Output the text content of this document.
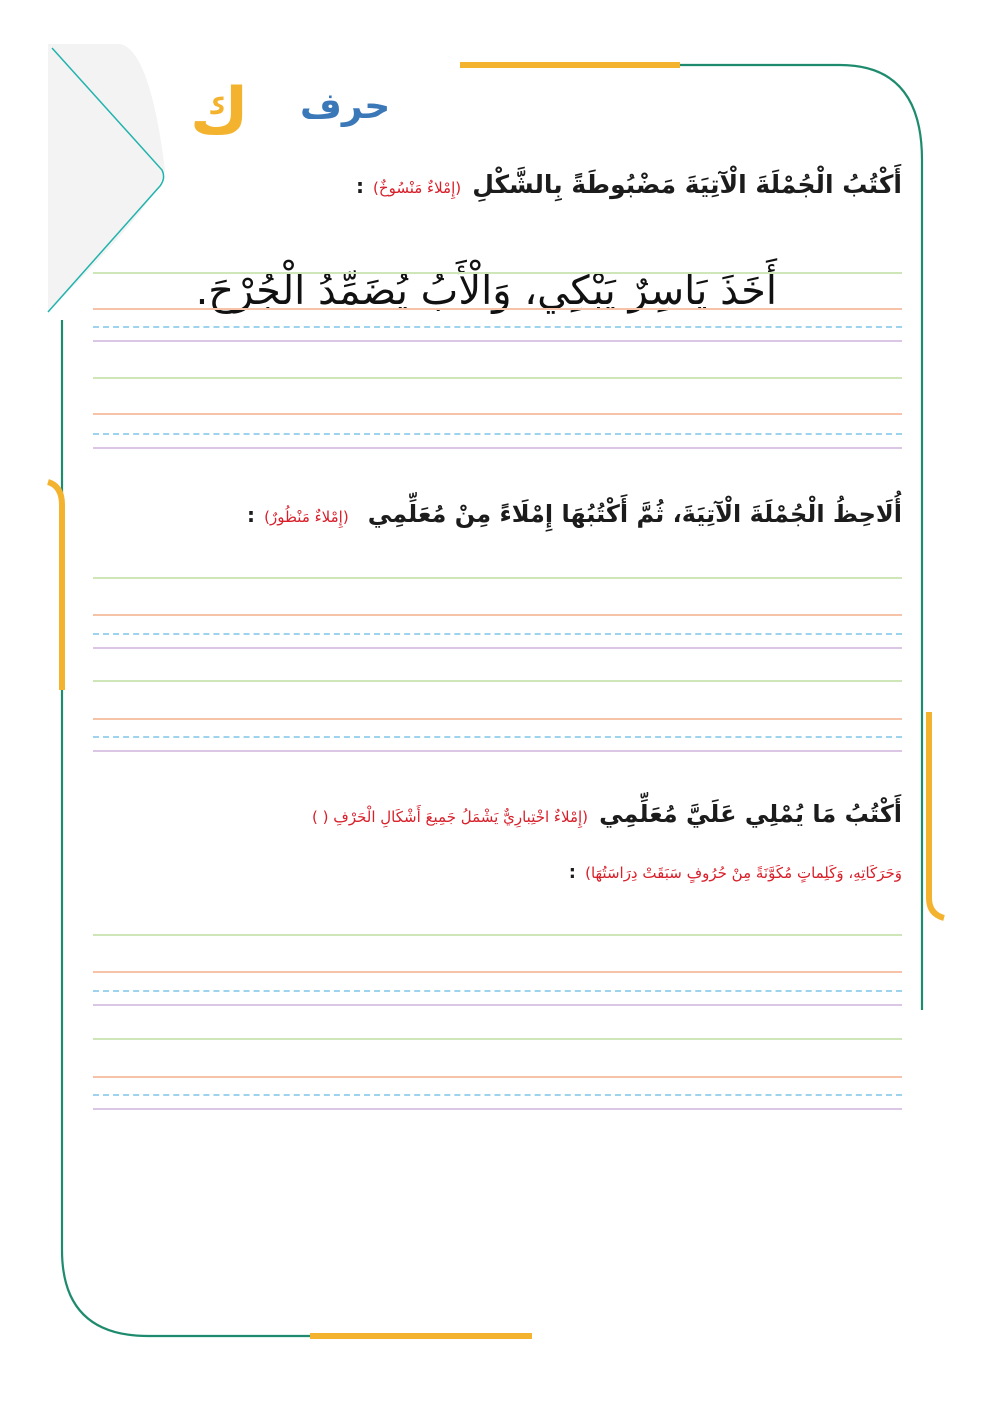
ك حرف
أَكْتُبُ الْجُمْلَةَ الْآتِيَةَ مَضْبُوطَةً بِالشَّكْلِ (إِمْلاءٌ مَنْسُوخٌ) :
أَخَذَ يَاسِرٌ يَبْكِي، وَالْأَبُ يُضَمِّدُ الْجُرْحَ.
أُلَاحِظُ الْجُمْلَةَ الْآتِيَةَ، ثُمَّ أَكْتُبُهَا إِمْلَاءً مِنْ مُعَلِّمِي (إِمْلاءٌ مَنْظُورٌ) :
أَكْتُبُ مَا يُمْلِي عَلَيَّ مُعَلِّمِي (إِمْلاءٌ اخْتِبارِيٌّ يَشْمَلُ جَمِيعَ أَشْكَالِ الْحَرْفِ ( )
وَحَرَكَاتِهِ، وَكَلِماتٍ مُكَوَّنَةً مِنْ حُرُوفٍ سَبَقَتْ دِرَاسَتُهَا) :
